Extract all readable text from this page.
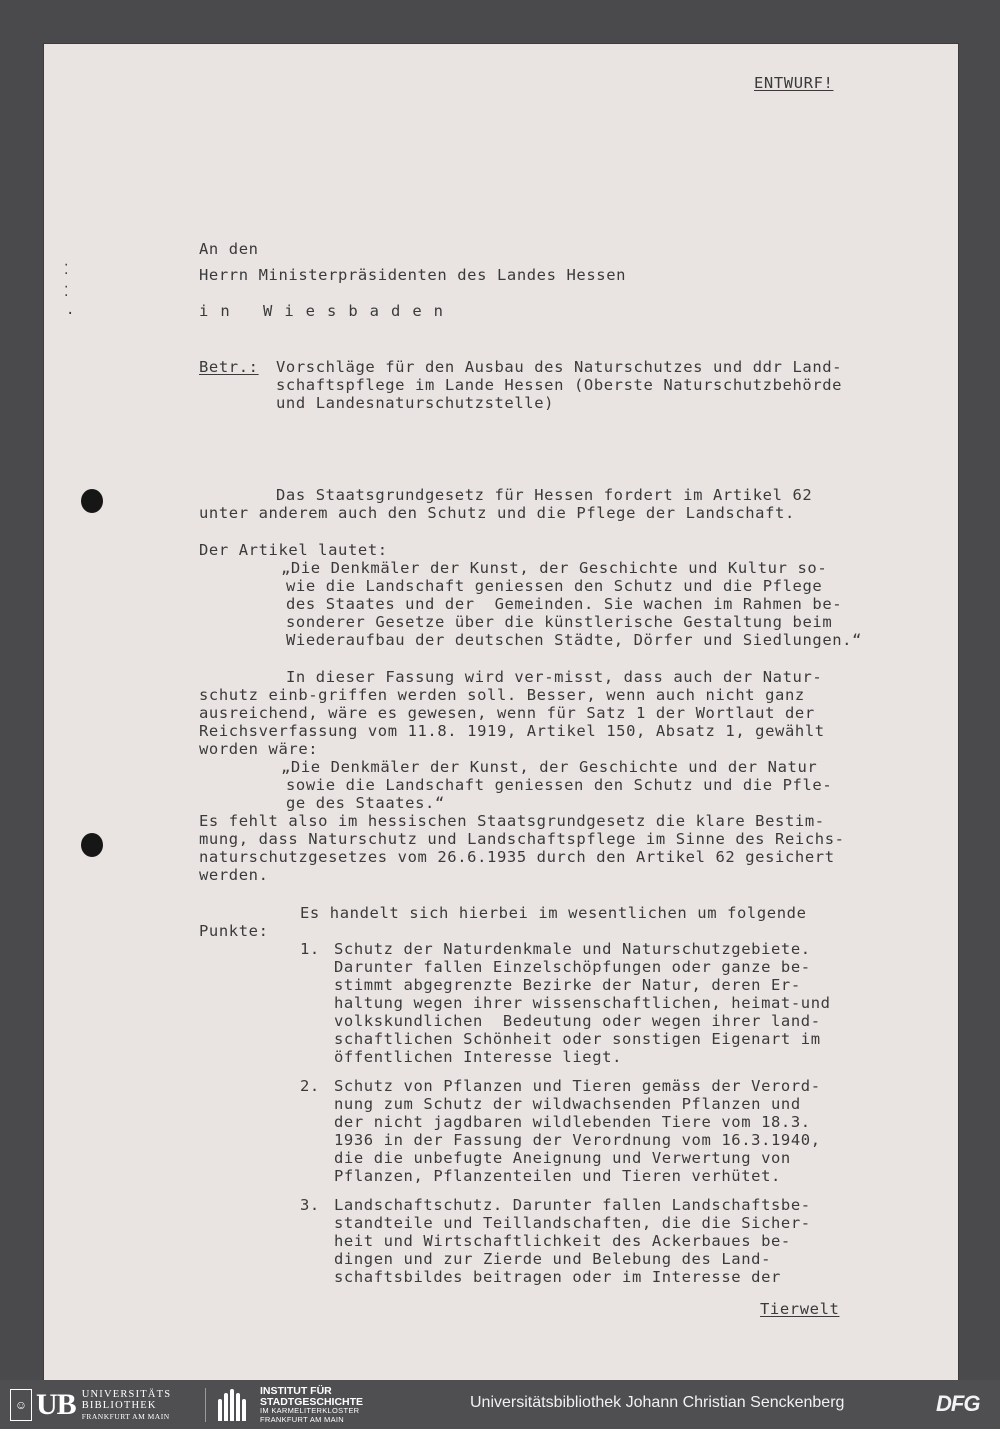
⁚
⁚
·
ENTWURF!
An den
Herrn Ministerpräsidenten des Landes Hessen
in Wiesbaden
Betr.: Vorschläge für den Ausbau des Naturschutzes und ddr Land-
schaftspflege im Lande Hessen (Oberste Naturschutzbehörde
und Landesnaturschutzstelle)
Das Staatsgrundgesetz für Hessen fordert im Artikel 62
unter anderem auch den Schutz und die Pflege der Landschaft.
Der Artikel lautet:
„Die Denkmäler der Kunst, der Geschichte und Kultur so-
wie die Landschaft geniessen den Schutz und die Pflege
des Staates und der  Gemeinden. Sie wachen im Rahmen be-
sonderer Gesetze über die künstlerische Gestaltung beim
Wiederaufbau der deutschen Städte, Dörfer und Siedlungen.“
In dieser Fassung wird ver-misst, dass auch der Natur-
schutz einb-griffen werden soll. Besser, wenn auch nicht ganz
ausreichend, wäre es gewesen, wenn für Satz 1 der Wortlaut der
Reichsverfassung vom 11.8. 1919, Artikel 150, Absatz 1, gewählt
worden wäre:
„Die Denkmäler der Kunst, der Geschichte und der Natur
sowie die Landschaft geniessen den Schutz und die Pfle-
ge des Staates.“
Es fehlt also im hessischen Staatsgrundgesetz die klare Bestim-
mung, dass Naturschutz und Landschaftspflege im Sinne des Reichs-
naturschutzgesetzes vom 26.6.1935 durch den Artikel 62 gesichert
werden.
Es handelt sich hierbei im wesentlichen um folgende
Punkte:
1. Schutz der Naturdenkmale und Naturschutzgebiete.
Darunter fallen Einzelschöpfungen oder ganze be-
stimmt abgegrenzte Bezirke der Natur, deren Er-
haltung wegen ihrer wissenschaftlichen, heimat-und
volkskundlichen  Bedeutung oder wegen ihrer land-
schaftlichen Schönheit oder sonstigen Eigenart im
öffentlichen Interesse liegt.
2. Schutz von Pflanzen und Tieren gemäss der Verord-
nung zum Schutz der wildwachsenden Pflanzen und
der nicht jagdbaren wildlebenden Tiere vom 18.3.
1936 in der Fassung der Verordnung vom 16.3.1940,
die die unbefugte Aneignung und Verwertung von
Pflanzen, Pflanzenteilen und Tieren verhütet.
3. Landschaftschutz. Darunter fallen Landschaftsbe-
standteile und Teillandschaften, die die Sicher-
heit und Wirtschaftlichkeit des Ackerbaues be-
dingen und zur Zierde und Belebung des Land-
schaftsbildes beitragen oder im Interesse der
Tierwelt
☺ UB UNIVERSITÄTS
BIBLIOTHEK
FRANKFURT AM MAIN
INSTITUT FÜR
STADTGESCHICHTE
IM KARMELITERKLOSTER
FRANKFURT AM MAIN
Universitätsbibliothek Johann Christian Senckenberg	DFG
